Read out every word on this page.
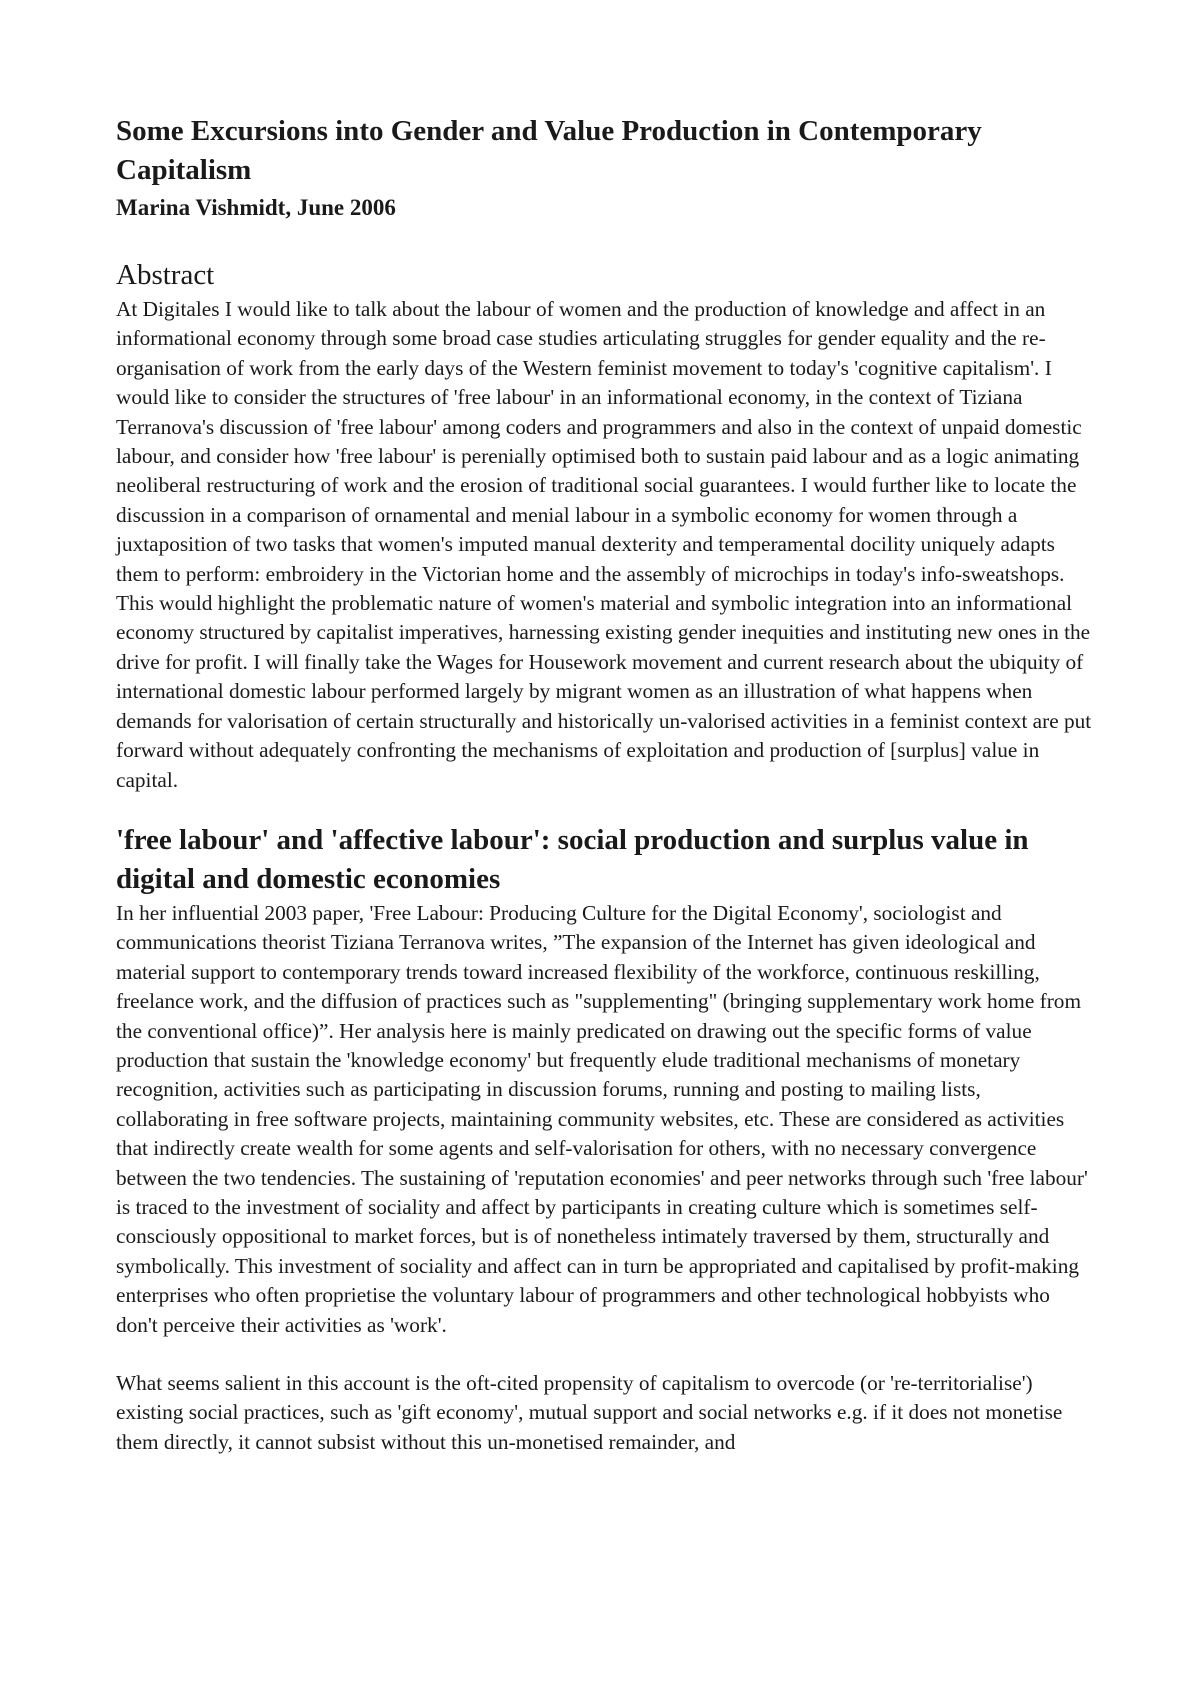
Some Excursions into Gender and Value Production in Contemporary Capitalism

Marina Vishmidt, June 2006

Abstract

At Digitales I would like to talk about the labour of women and the production of knowledge and affect in an informational economy through some broad case studies articulating struggles for gender equality and the re-organisation of work from the early days of the Western feminist movement to today's 'cognitive capitalism'. I would like to consider the structures of 'free labour' in an informational economy, in the context of Tiziana Terranova's discussion of 'free labour' among coders and programmers and also in the context of unpaid domestic labour, and consider how 'free labour' is perenially optimised both to sustain paid labour and as a logic animating neoliberal restructuring of work and the erosion of traditional social guarantees. I would further like to locate the discussion in a comparison of ornamental and menial labour in a symbolic economy for women through a juxtaposition of two tasks that women's imputed manual dexterity and temperamental docility uniquely adapts them to perform: embroidery in the Victorian home and the assembly of microchips in today's info-sweatshops. This would highlight the problematic nature of women's material and symbolic integration into an informational economy structured by capitalist imperatives, harnessing existing gender inequities and instituting new ones in the drive for profit. I will finally take the Wages for Housework movement and current research about the ubiquity of international domestic labour performed largely by migrant women as an illustration of what happens when demands for valorisation of certain structurally and historically un-valorised activities in a feminist context are put forward without adequately confronting the mechanisms of exploitation and production of [surplus] value in capital.

'free labour' and 'affective labour': social production and surplus value in digital and domestic economies

In her influential 2003 paper, 'Free Labour: Producing Culture for the Digital Economy', sociologist and communications theorist Tiziana Terranova writes, ”The expansion of the Internet has given ideological and material support to contemporary trends toward increased flexibility of the workforce, continuous reskilling, freelance work, and the diffusion of practices such as "supplementing" (bringing supplementary work home from the conventional office)”. Her analysis here is mainly predicated on drawing out the specific forms of value production that sustain the 'knowledge economy' but frequently elude traditional mechanisms of monetary recognition, activities such as participating in discussion forums, running and posting to mailing lists, collaborating in free software projects, maintaining community websites, etc. These are considered as activities that indirectly create wealth for some agents and self-valorisation for others, with no necessary convergence between the two tendencies. The sustaining of 'reputation economies' and peer networks through such 'free labour' is traced to the investment of sociality and affect by participants in creating culture which is sometimes self-consciously oppositional to market forces, but is of nonetheless intimately traversed by them, structurally and symbolically. This investment of sociality and affect can in turn be appropriated and capitalised by profit-making enterprises who often proprietise the voluntary labour of programmers and other technological hobbyists who don't perceive their activities as 'work'.

What seems salient in this account is the oft-cited propensity of capitalism to overcode (or 're-territorialise') existing social practices, such as 'gift economy', mutual support and social networks e.g. if it does not monetise them directly, it cannot subsist without this un-monetised remainder, and
